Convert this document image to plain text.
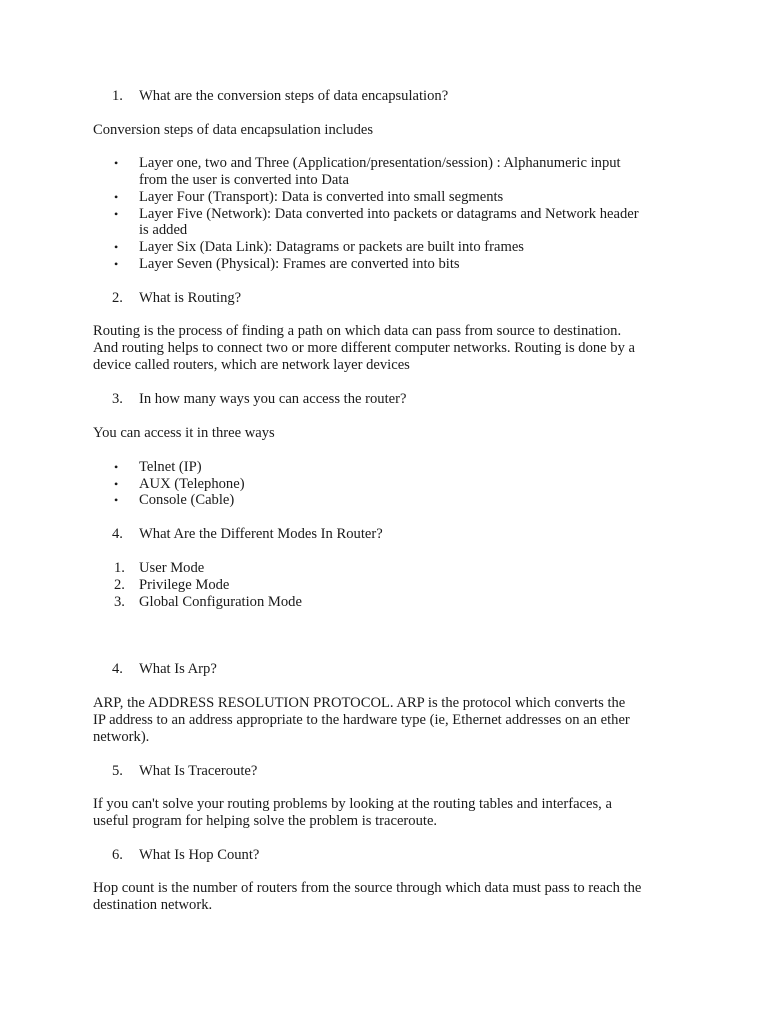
1.	What are the conversion steps of data encapsulation?
Conversion steps of data encapsulation includes
• Layer one, two and Three (Application/presentation/session) : Alphanumeric input
from the user is converted into Data
• Layer Four (Transport): Data is converted into small segments
• Layer Five (Network): Data converted into packets or datagrams and Network header
is added
• Layer Six (Data Link): Datagrams or packets are built into frames
• Layer Seven (Physical): Frames are converted into bits
2.	What is Routing?
Routing is the process of finding a path on which data can pass from source to destination.
And routing helps to connect two or more different computer networks. Routing is done by a
device called routers, which are network layer devices
3.	In how many ways you can access the router?
You can access it in three ways
• Telnet (IP)
• AUX (Telephone)
• Console (Cable)
4.	What Are the Different Modes In Router?
1. User Mode
2. Privilege Mode
3. Global Configuration Mode
4.	What Is Arp?
ARP, the ADDRESS RESOLUTION PROTOCOL. ARP is the protocol which converts the
IP address to an address appropriate to the hardware type (ie, Ethernet addresses on an ether
network).
5.	What Is Traceroute?
If you can't solve your routing problems by looking at the routing tables and interfaces, a
useful program for helping solve the problem is traceroute.
6.	What Is Hop Count?
Hop count is the number of routers from the source through which data must pass to reach the
destination network.
